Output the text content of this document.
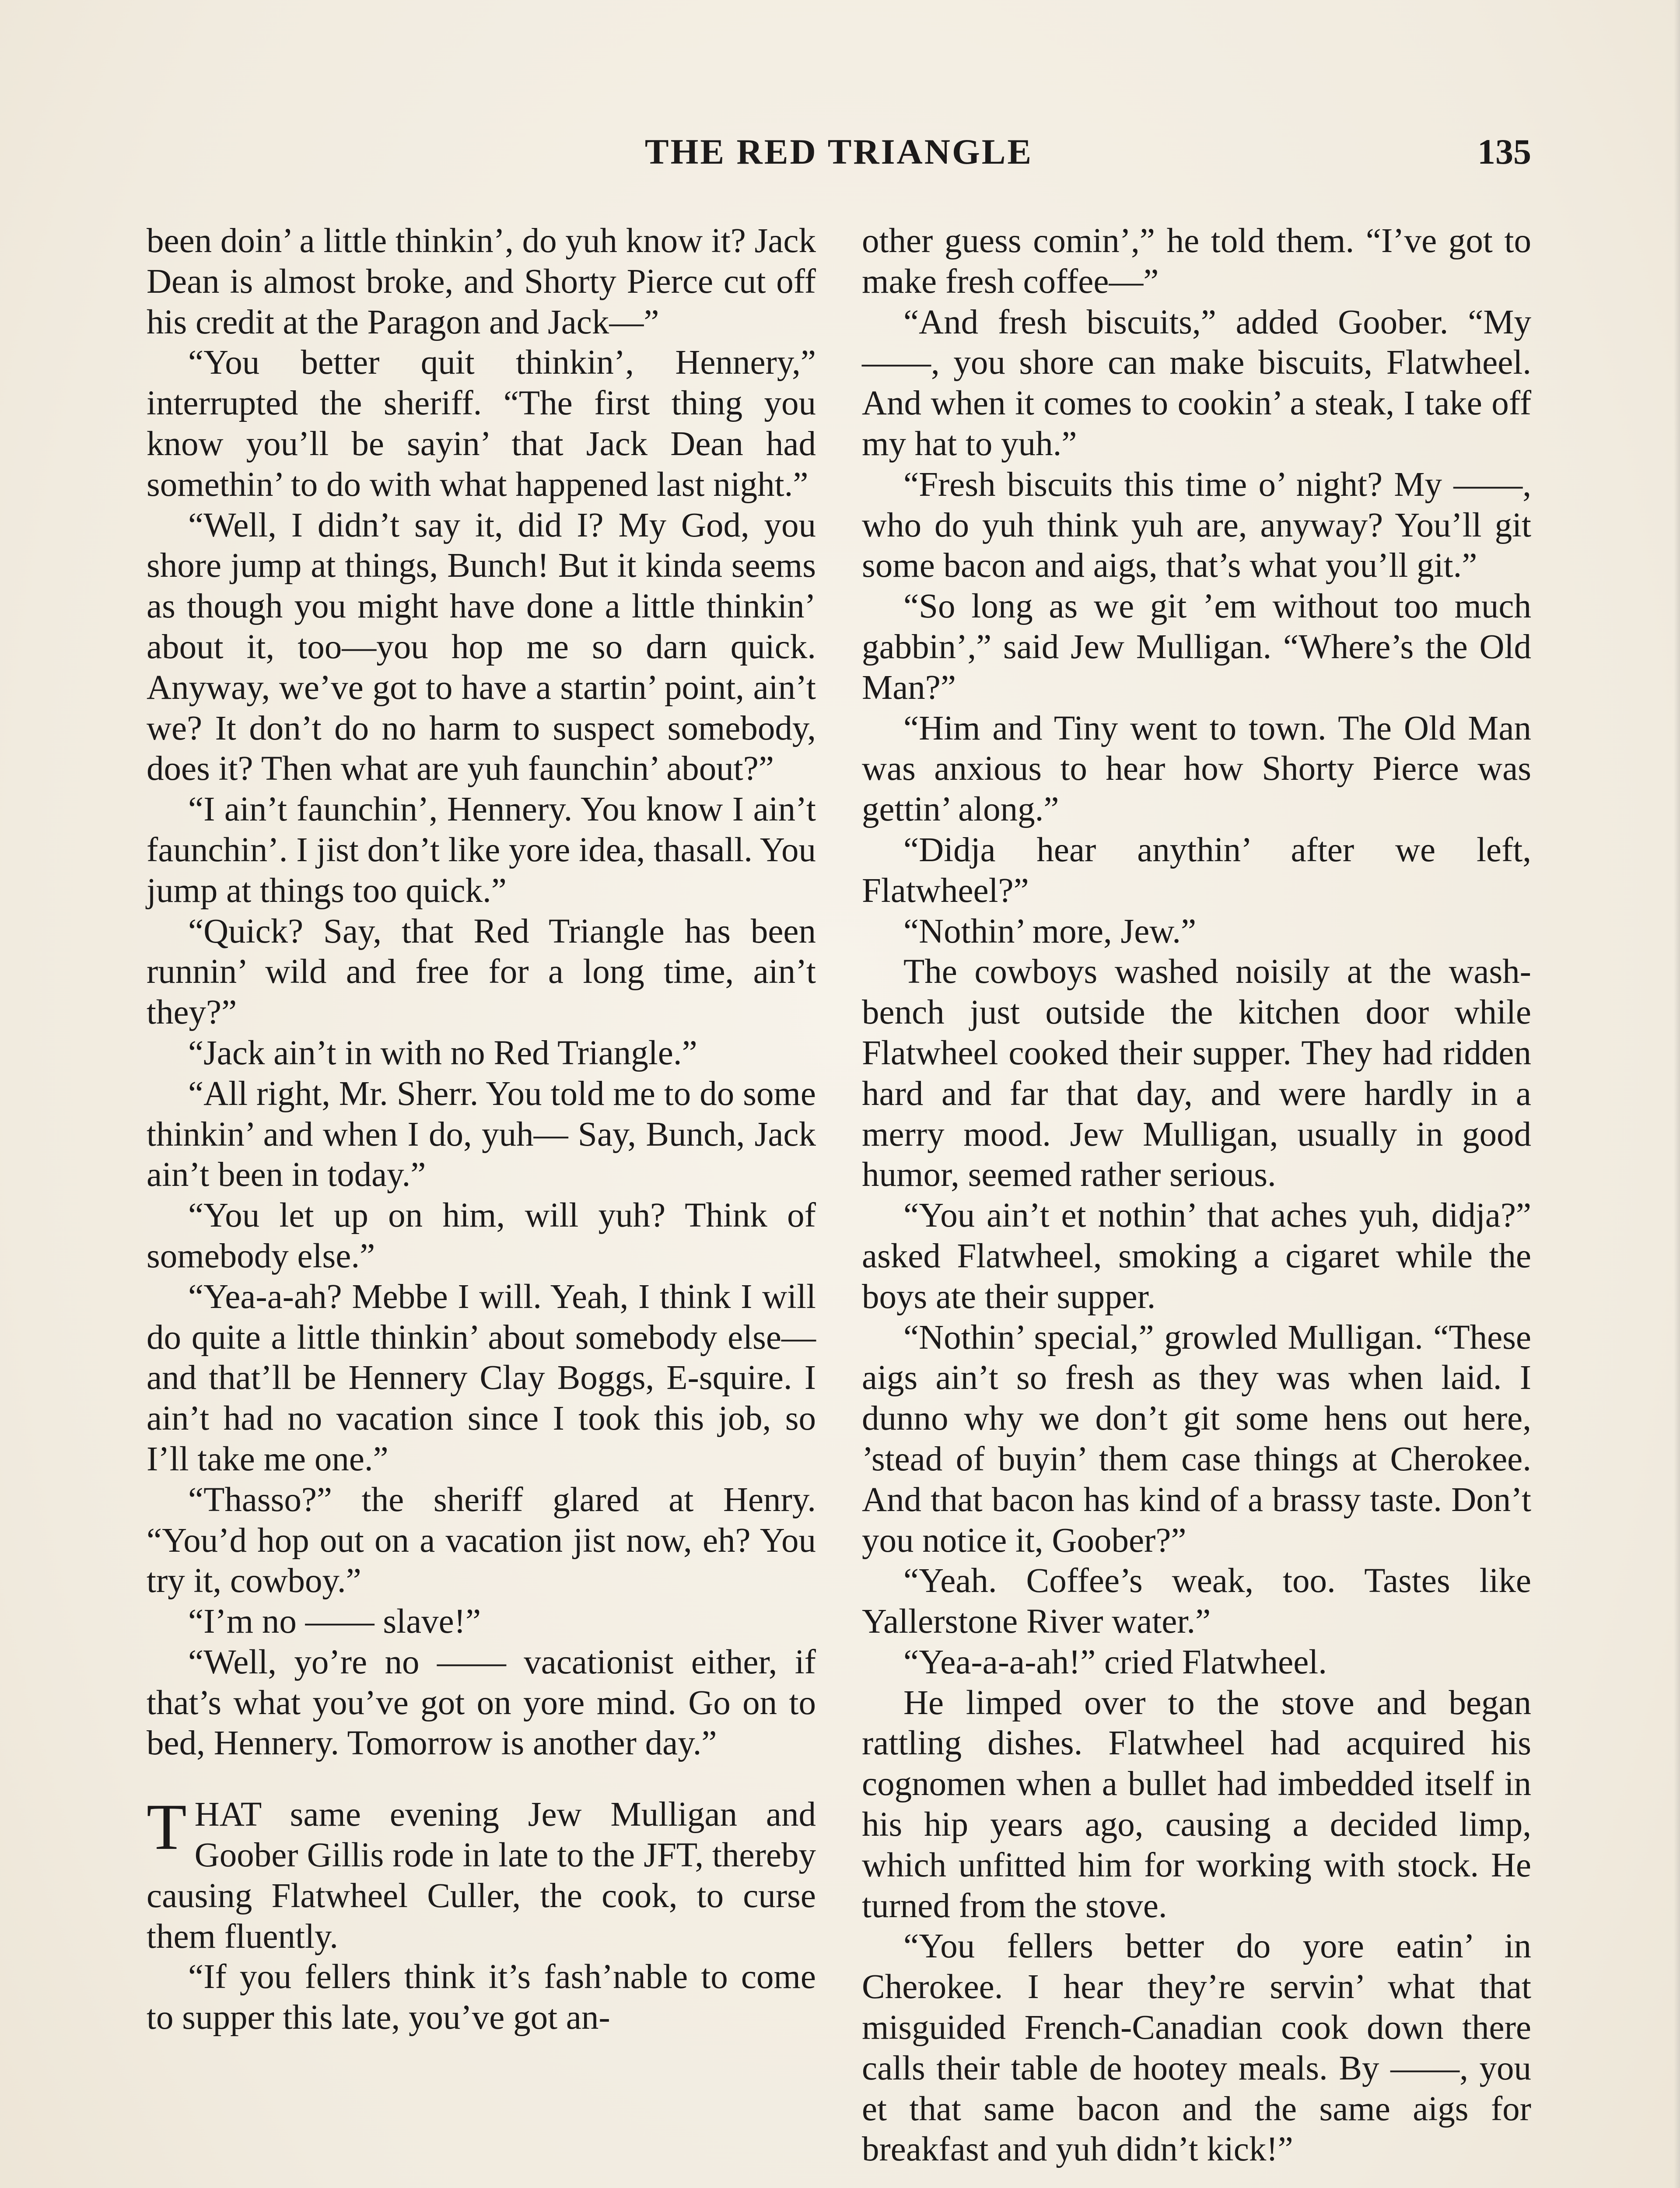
THE RED TRIANGLE	135

been doin’ a little thinkin’, do yuh know it? Jack Dean is almost broke, and Shorty Pierce cut off his credit at the Paragon and Jack—”

“You better quit thinkin’, Hennery,” interrupted the sheriff. “The first thing you know you’ll be sayin’ that Jack Dean had somethin’ to do with what happened last night.”

“Well, I didn’t say it, did I? My God, you shore jump at things, Bunch! But it kinda seems as though you might have done a little thinkin’ about it, too—you hop me so darn quick. Anyway, we’ve got to have a startin’ point, ain’t we? It don’t do no harm to suspect somebody, does it? Then what are yuh faunchin’ about?”

“I ain’t faunchin’, Hennery. You know I ain’t faunchin’. I jist don’t like yore idea, thasall. You jump at things too quick.”

“Quick? Say, that Red Triangle has been runnin’ wild and free for a long time, ain’t they?”

“Jack ain’t in with no Red Triangle.”

“All right, Mr. Sherr. You told me to do some thinkin’ and when I do, yuh— Say, Bunch, Jack ain’t been in today.”

“You let up on him, will yuh? Think of somebody else.”

“Yea-a-ah? Mebbe I will. Yeah, I think I will do quite a little thinkin’ about somebody else—and that’ll be Hennery Clay Boggs, E-squire. I ain’t had no vacation since I took this job, so I’ll take me one.”

“Thasso?” the sheriff glared at Henry. “You’d hop out on a vacation jist now, eh? You try it, cowboy.”

“I’m no —— slave!”

“Well, yo’re no —— vacationist either, if that’s what you’ve got on yore mind. Go on to bed, Hennery. Tomorrow is another day.”

THAT same evening Jew Mulligan and Goober Gillis rode in late to the JFT, thereby causing Flatwheel Culler, the cook, to curse them fluently.

“If you fellers think it’s fash’nable to come to supper this late, you’ve got an-

other guess comin’,” he told them. “I’ve got to make fresh coffee—”

“And fresh biscuits,” added Goober. “My ——, you shore can make biscuits, Flatwheel. And when it comes to cookin’ a steak, I take off my hat to yuh.”

“Fresh biscuits this time o’ night? My ——, who do yuh think yuh are, anyway? You’ll git some bacon and aigs, that’s what you’ll git.”

“So long as we git ’em without too much gabbin’,” said Jew Mulligan. “Where’s the Old Man?”

“Him and Tiny went to town. The Old Man was anxious to hear how Shorty Pierce was gettin’ along.”

“Didja hear anythin’ after we left, Flatwheel?”

“Nothin’ more, Jew.”

The cowboys washed noisily at the wash-bench just outside the kitchen door while Flatwheel cooked their supper. They had ridden hard and far that day, and were hardly in a merry mood. Jew Mulligan, usually in good humor, seemed rather serious.

“You ain’t et nothin’ that aches yuh, didja?” asked Flatwheel, smoking a cigaret while the boys ate their supper.

“Nothin’ special,” growled Mulligan. “These aigs ain’t so fresh as they was when laid. I dunno why we don’t git some hens out here, ’stead of buyin’ them case things at Cherokee. And that bacon has kind of a brassy taste. Don’t you notice it, Goober?”

“Yeah. Coffee’s weak, too. Tastes like Yallerstone River water.”

“Yea-a-a-ah!” cried Flatwheel.

He limped over to the stove and began rattling dishes. Flatwheel had acquired his cognomen when a bullet had imbedded itself in his hip years ago, causing a decided limp, which unfitted him for working with stock. He turned from the stove.

“You fellers better do yore eatin’ in Cherokee. I hear they’re servin’ what that misguided French-Canadian cook down there calls their table de hootey meals. By ——, you et that same bacon and the same aigs for breakfast and yuh didn’t kick!”
